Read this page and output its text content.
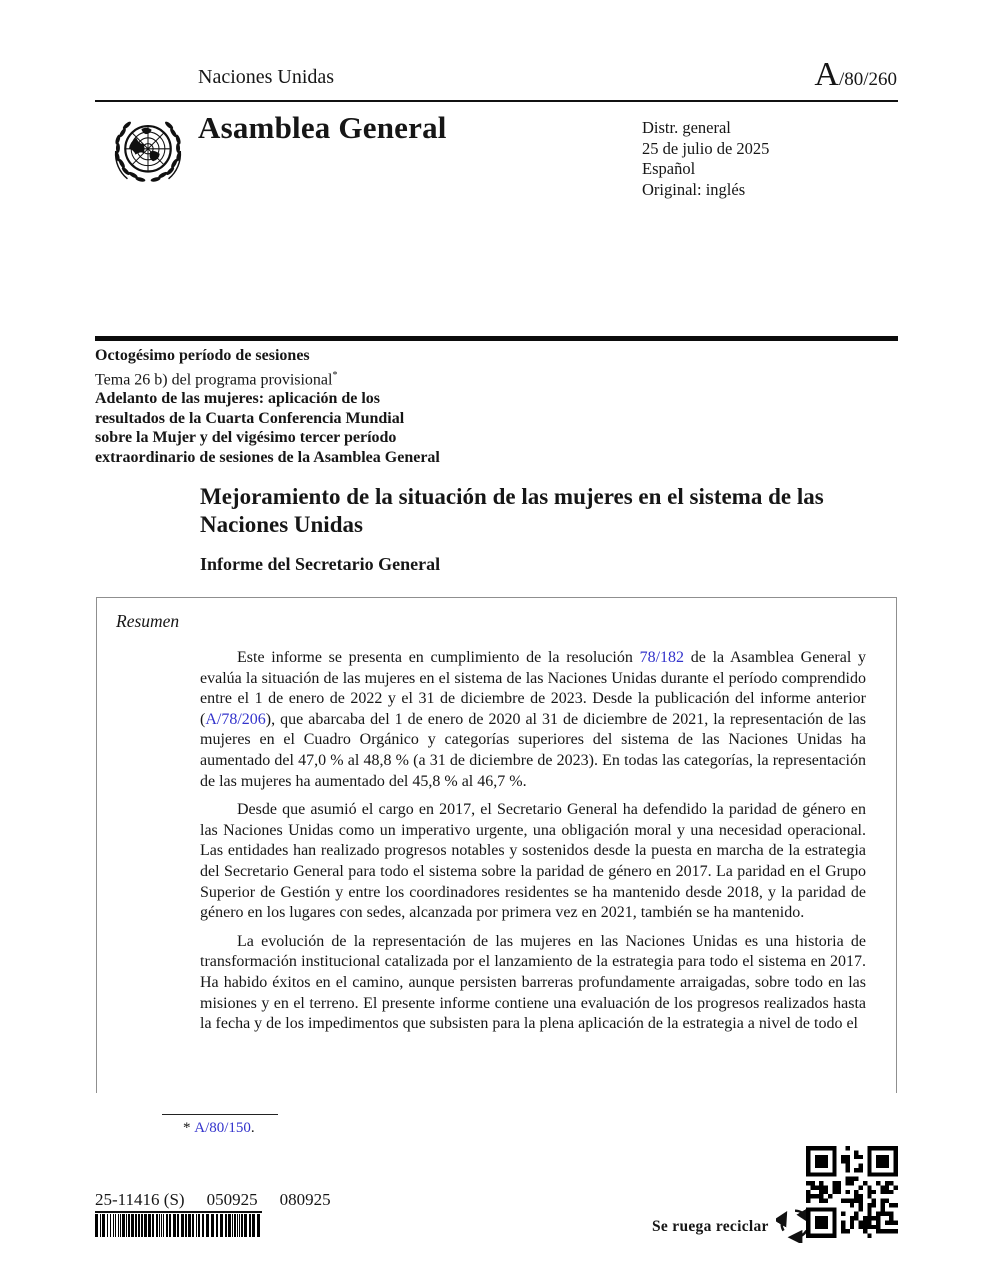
Naciones Unidas	A/80/260
Asamblea General	Distr. general
25 de julio de 2025
Español
Original: inglés
Octogésimo período de sesiones
Tema 26 b) del programa provisional*
Adelanto de las mujeres: aplicación de los
resultados de la Cuarta Conferencia Mundial
sobre la Mujer y del vigésimo tercer período
extraordinario de sesiones de la Asamblea General
Mejoramiento de la situación de las mujeres en el sistema de las Naciones Unidas
Informe del Secretario General
Resumen

Este informe se presenta en cumplimiento de la resolución 78/182 de la Asamblea General y evalúa la situación de las mujeres en el sistema de las Naciones Unidas durante el período comprendido entre el 1 de enero de 2022 y el 31 de diciembre de 2023. Desde la publicación del informe anterior (A/78/206), que abarcaba del 1 de enero de 2020 al 31 de diciembre de 2021, la representación de las mujeres en el Cuadro Orgánico y categorías superiores del sistema de las Naciones Unidas ha aumentado del 47,0 % al 48,8 % (a 31 de diciembre de 2023). En todas las categorías, la representación de las mujeres ha aumentado del 45,8 % al 46,7 %.

Desde que asumió el cargo en 2017, el Secretario General ha defendido la paridad de género en las Naciones Unidas como un imperativo urgente, una obligación moral y una necesidad operacional. Las entidades han realizado progresos notables y sostenidos desde la puesta en marcha de la estrategia del Secretario General para todo el sistema sobre la paridad de género en 2017. La paridad en el Grupo Superior de Gestión y entre los coordinadores residentes se ha mantenido desde 2018, y la paridad de género en los lugares con sedes, alcanzada por primera vez en 2021, también se ha mantenido.

La evolución de la representación de las mujeres en las Naciones Unidas es una historia de transformación institucional catalizada por el lanzamiento de la estrategia para todo el sistema en 2017. Ha habido éxitos en el camino, aunque persisten barreras profundamente arraigadas, sobre todo en las misiones y en el terreno. El presente informe contiene una evaluación de los progresos realizados hasta la fecha y de los impedimentos que subsisten para la plena aplicación de la estrategia a nivel de todo el

* A/80/150.
25-11416 (S) 050925 080925
Se ruega reciclar
